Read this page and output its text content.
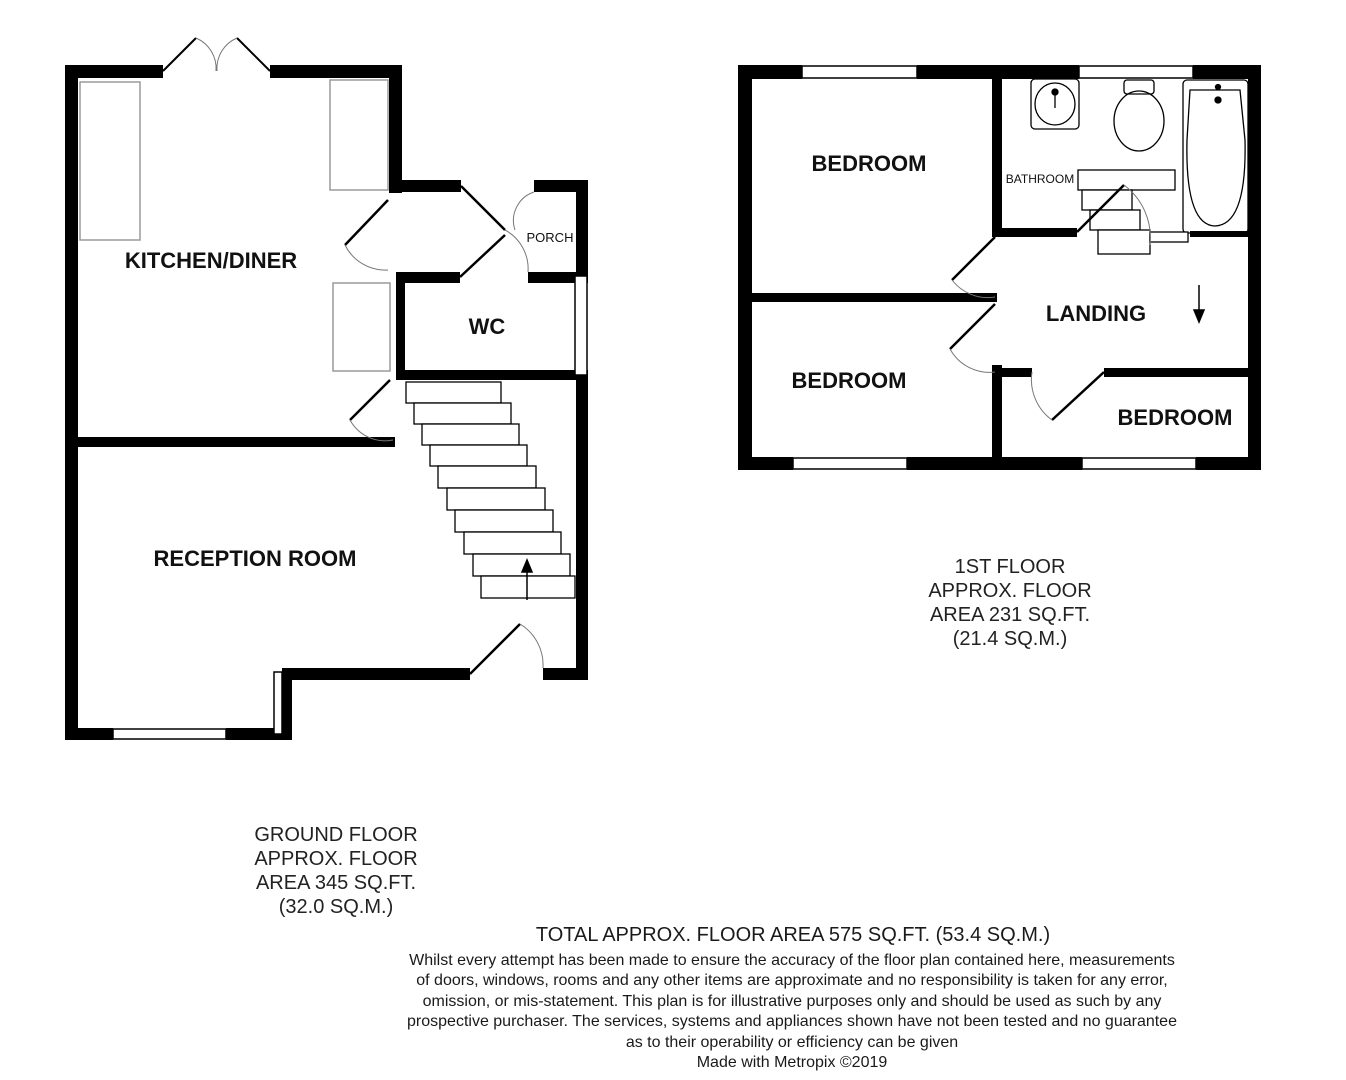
KITCHEN/DINER
WC
PORCH
RECEPTION ROOM
BEDROOM
BATHROOM
LANDING
BEDROOM
BEDROOM
1ST FLOOR
APPROX. FLOOR
AREA 231 SQ.FT.
(21.4 SQ.M.)
GROUND FLOOR
APPROX. FLOOR
AREA 345 SQ.FT.
(32.0 SQ.M.)
TOTAL APPROX. FLOOR AREA 575 SQ.FT. (53.4 SQ.M.)
Whilst every attempt has been made to ensure the accuracy of the floor plan contained here, measurements
of doors, windows, rooms and any other items are approximate and no responsibility is taken for any error,
omission, or mis-statement. This plan is for illustrative purposes only and should be used as such by any
prospective purchaser. The services, systems and appliances shown have not been tested and no guarantee
as to their operability or efficiency can be given
Made with Metropix ©2019
